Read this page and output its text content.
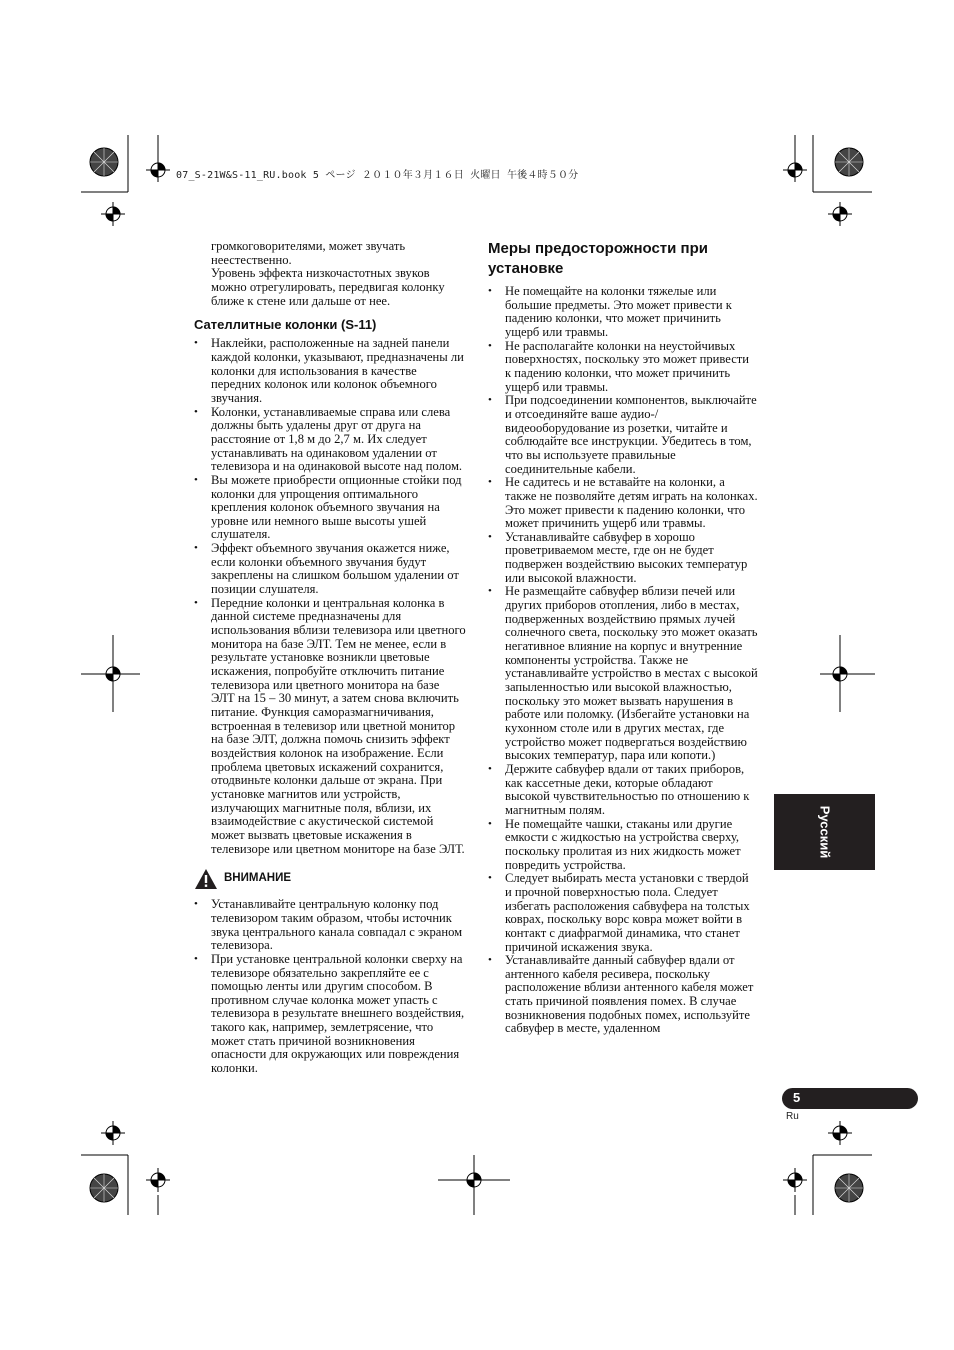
07_S-21W&S-11_RU.book 5 ページ ２０１０年３月１６日 火曜日 午後４時５０分

громкоговорителями, может звучать

неестественно.

Уровень эффекта низкочастотных звуков

можно отрегулировать, передвигая колонку

ближе к стене или дальше от нее.

Сателлитные колонки (S-11)
• Наклейки, расположенные на задней панели каждой колонки, указывают, предназначены ли колонки для использования в качестве передних колонок или колонок объемного звучания.
• Колонки, устанавливаемые справа или слева должны быть удалены друг от друга на расстояние от 1,8 м до 2,7 м. Их следует устанавливать на одинаковом удалении от телевизора и на одинаковой высоте над полом.
• Вы можете приобрести опционные стойки под колонки для упрощения оптимального крепления колонок объемного звучания на уровне или немного выше высоты ушей слушателя.
• Эффект объемного звучания окажется ниже, если колонки объемного звучания будут закреплены на слишком большом удалении от позиции слушателя.
• Передние колонки и центральная колонка в данной системе предназначены для использования вблизи телевизора или цветного монитора на базе ЭЛТ. Тем не менее, если в результате установке возникли цветовые искажения, попробуйте отключить питание телевизора или цветного монитора на базе ЭЛТ на 15 – 30 минут, а затем снова включить питание. Функция саморазмагничивания, встроенная в телевизор или цветной монитор на базе ЭЛТ, должна помочь снизить эффект воздействия колонок на изображение. Если проблема цветовых искажений сохранится, отодвиньте колонки дальше от экрана. При установке магнитов или устройств, излучающих магнитные поля, вблизи, их взаимодействие с акустической системой может вызвать цветовые искажения в телевизоре или цветном мониторе на базе ЭЛТ.
ВНИМАНИЕ
• Устанавливайте центральную колонку под телевизором таким образом, чтобы источник звука центрального канала совпадал с экраном телевизора.
• При установке центральной колонки сверху на телевизоре обязательно закрепляйте ее с помощью ленты или другим способом. В противном случае колонка может упасть с телевизора в результате внешнего воздействия, такого как, например, землетрясение, что может стать причиной возникновения опасности для окружающих или повреждения колонки.
Меры предосторожности при установке
• Не помещайте на колонки тяжелые или большие предметы. Это может привести к падению колонки, что может причинить ущерб или травмы.
• Не располагайте колонки на неустойчивых поверхностях, поскольку это может привести к падению колонки, что может причинить ущерб или травмы.
• При подсоединении компонентов, выключайте и отсоединяйте ваше аудио-/ видеооборудование из розетки, читайте и соблюдайте все инструкции. Убедитесь в том, что вы используете правильные соединительные кабели.
• Не садитесь и не вставайте на колонки, а также не позволяйте детям играть на колонках. Это может привести к падению колонки, что может причинить ущерб или травмы.
• Устанавливайте сабвуфер в хорошо проветриваемом месте, где он не будет подвержен воздействию высоких температур или высокой влажности.
• Не размещайте сабвуфер вблизи печей или других приборов отопления, либо в местах, подверженных воздействию прямых лучей солнечного света, поскольку это может оказать негативное влияние на корпус и внутренние компоненты устройства. Также не устанавливайте устройство в местах с высокой запыленностью или высокой влажностью, поскольку это может вызвать нарушения в работе или поломку. (Избегайте установки на кухонном столе или в других местах, где устройство может подвергаться воздействию высоких температур, пара или копоти.)
• Держите сабвуфер вдали от таких приборов, как кассетные деки, которые обладают высокой чувствительностью по отношению к магнитным полям.
• Не помещайте чашки, стаканы или другие емкости с жидкостью на устройства сверху, поскольку пролитая из них жидкость может повредить устройства.
• Следует выбирать места установки с твердой и прочной поверхностью пола. Следует избегать расположения сабвуфера на толстых коврах, поскольку ворс ковра может войти в контакт с диафрагмой динамика, что станет причиной искажения звука.
• Устанавливайте данный сабвуфер вдали от антенного кабеля ресивера, поскольку расположение вблизи антенного кабеля может стать причиной появления помех. В случае возникновения подобных помех, используйте сабвуфер в месте, удаленном
Русский
5
Ru
